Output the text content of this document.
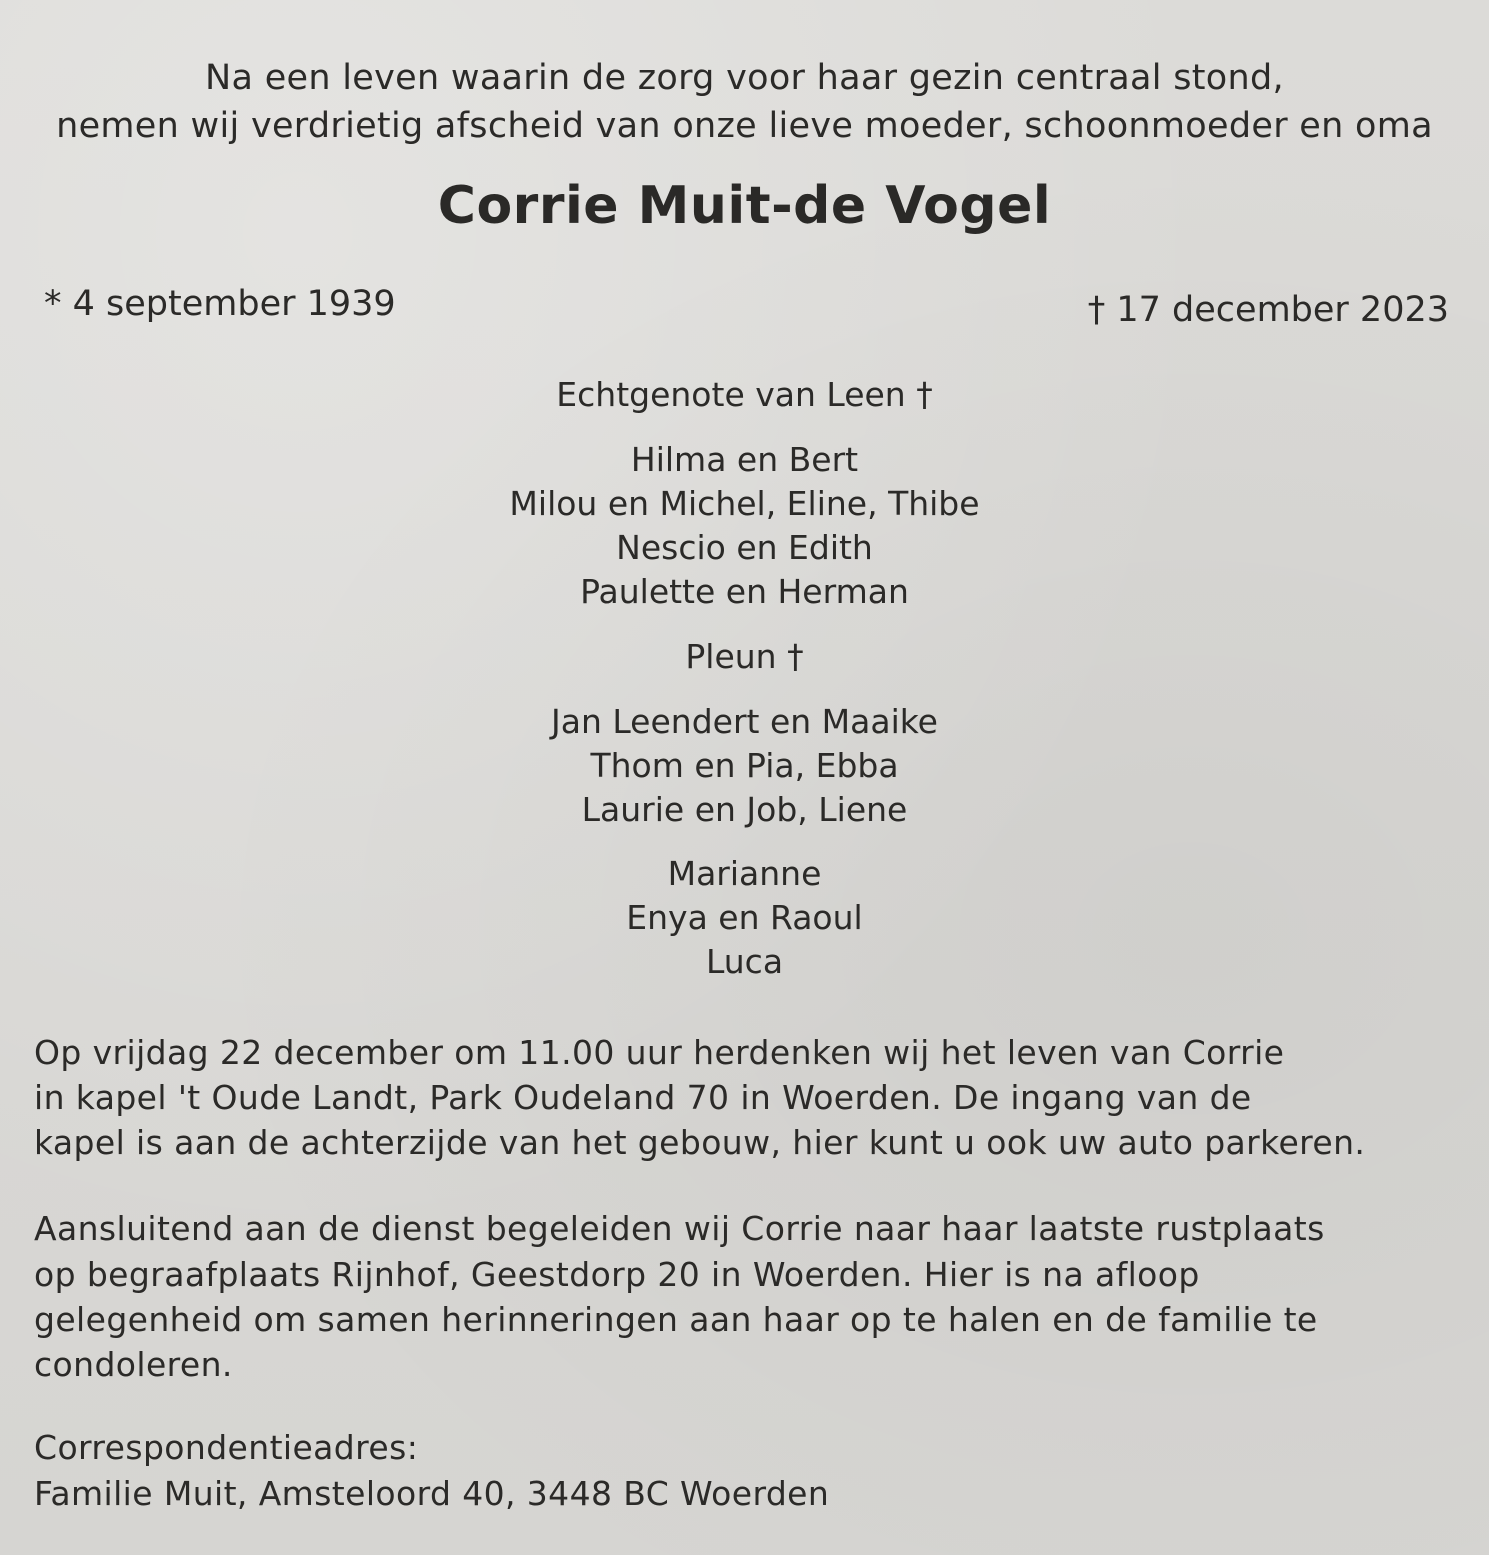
Na een leven waarin de zorg voor haar gezin centraal stond,
nemen wij verdrietig afscheid van onze lieve moeder, schoonmoeder en oma
Corrie Muit-de Vogel
* 4 september 1939	† 17 december 2023
Echtgenote van Leen †
Hilma en Bert
Milou en Michel, Eline, Thibe
Nescio en Edith
Paulette en Herman
Pleun †
Jan Leendert en Maaike
Thom en Pia, Ebba
Laurie en Job, Liene
Marianne
Enya en Raoul
Luca
Op vrijdag 22 december om 11.00 uur herdenken wij het leven van Corrie
in kapel 't Oude Landt, Park Oudeland 70 in Woerden. De ingang van de
kapel is aan de achterzijde van het gebouw, hier kunt u ook uw auto parkeren.
Aansluitend aan de dienst begeleiden wij Corrie naar haar laatste rustplaats
op begraafplaats Rijnhof, Geestdorp 20 in Woerden. Hier is na afloop
gelegenheid om samen herinneringen aan haar op te halen en de familie te
condoleren.
Correspondentieadres:
Familie Muit, Amsteloord 40, 3448 BC Woerden
